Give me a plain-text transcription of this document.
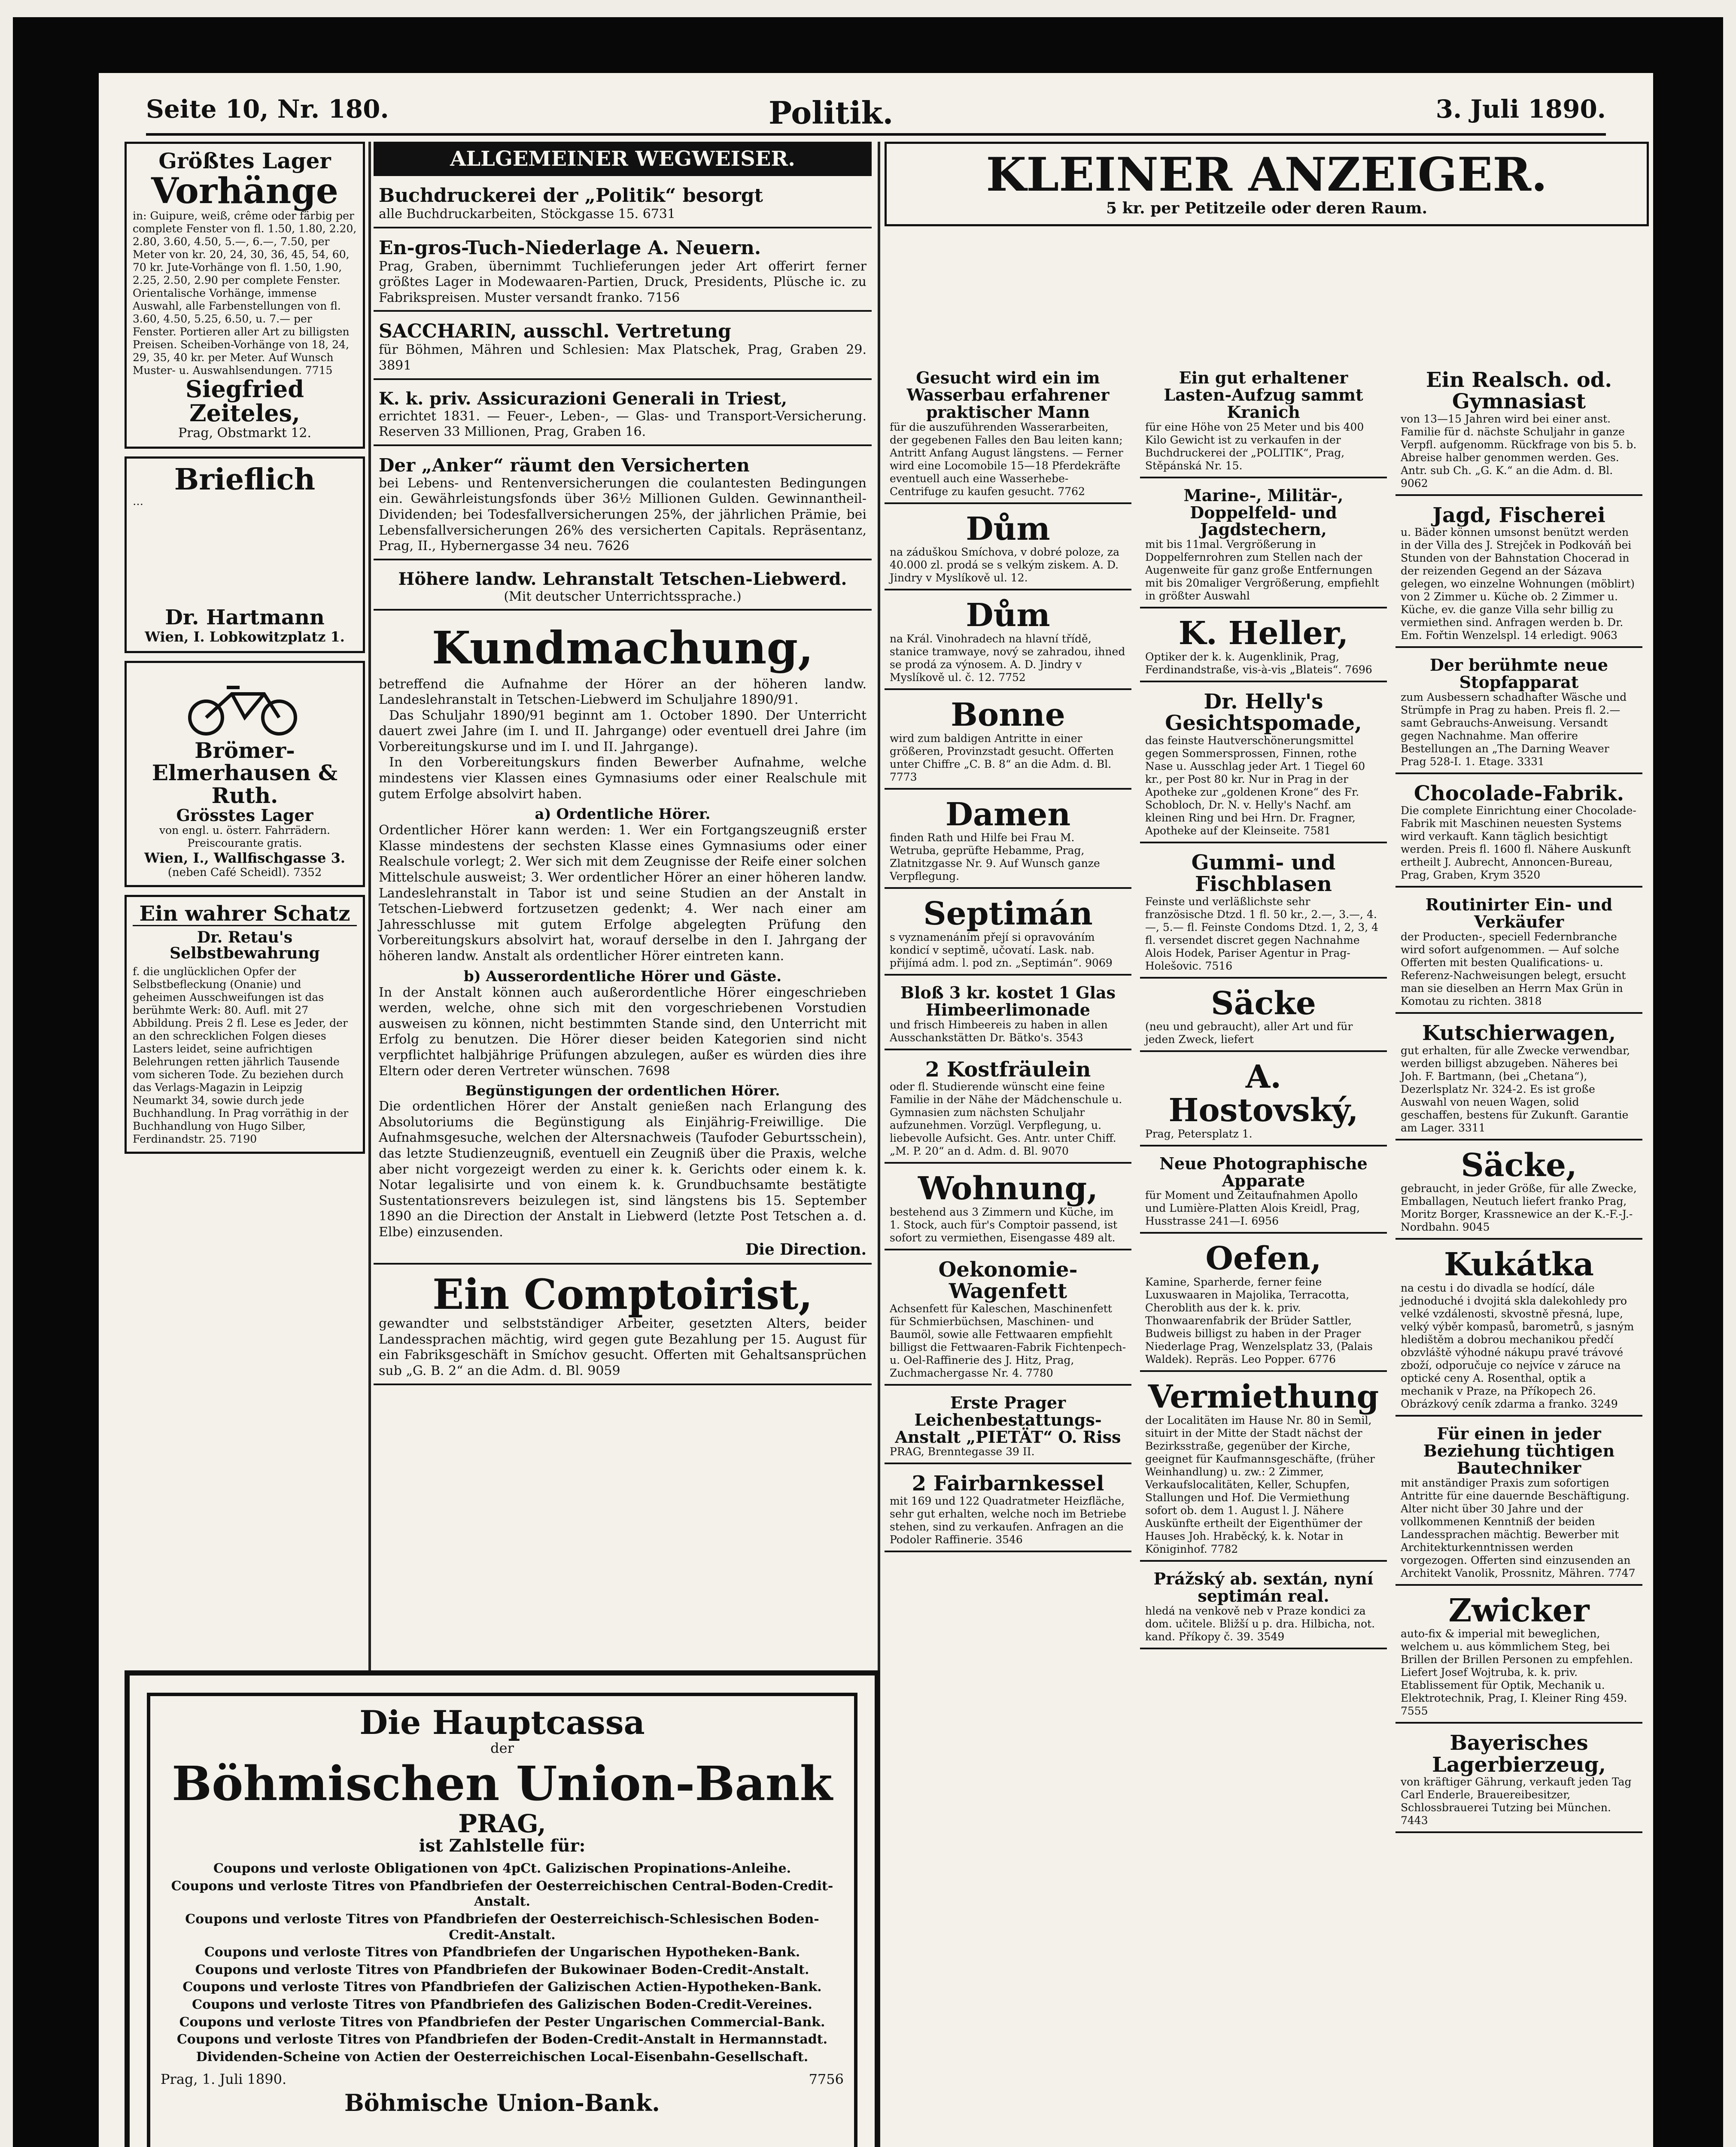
Seite 10, Nr. 180.	Politik.	3. Juli 1890.
Größtes Lager
Vorhänge
in: Guipure, weiß, crême oder färbig per complete Fenster von fl. 1.50, 1.80, 2.20, 2.80, 3.60, 4.50, 5.—, 6.—, 7.50, per Meter von kr. 20, 24, 30, 36, 45, 54, 60, 70 kr. Jute-Vorhänge von fl. 1.50, 1.90, 2.25, 2.50, 2.90 per complete Fenster. Orientalische Vorhänge, immense Auswahl, alle Farbenstellungen von fl. 3.60, 4.50, 5.25, 6.50, u. 7.— per Fenster. Portieren aller Art zu billigsten Preisen. Scheiben-Vorhänge von 18, 24, 29, 35, 40 kr. per Meter. Auf Wunsch Muster- u. Auswahlsendungen. 7715
Siegfried Zeiteles,
Prag, Obstmarkt 12.
Brieflich
…
Dr. Hartmann
Wien, I. Lobkowitzplatz 1.
Brömer-Elmerhausen & Ruth.
Grösstes Lager
von engl. u. österr. Fahrrädern. Preiscourante gratis.
Wien, I., Wallfischgasse 3.
(neben Café Scheidl). 7352
Ein wahrer Schatz
Dr. Retau's Selbstbewahrung
f. die unglücklichen Opfer der Selbstbefleckung (Onanie) und geheimen Ausschweifungen ist das berühmte Werk: 80. Aufl. mit 27 Abbildung. Preis 2 fl. Lese es Jeder, der an den schrecklichen Folgen dieses Lasters leidet, seine aufrichtigen Belehrungen retten jährlich Tausende vom sicheren Tode. Zu beziehen durch das Verlags-Magazin in Leipzig Neumarkt 34, sowie durch jede Buchhandlung. In Prag vorräthig in der Buchhandlung von Hugo Silber, Ferdinandstr. 25. 7190
ALLGEMEINER WEGWEISER.
Buchdruckerei der „Politik“ besorgt
alle Buchdruckarbeiten, Stöckgasse 15. 6731
En-gros-Tuch-Niederlage A. Neuern.
Prag, Graben, übernimmt Tuchlieferungen jeder Art offerirt ferner größtes Lager in Modewaaren-Partien, Druck, Presidents, Plüsche ic. zu Fabrikspreisen. Muster versandt franko. 7156
SACCHARIN, ausschl. Vertretung
für Böhmen, Mähren und Schlesien: Max Platschek, Prag, Graben 29. 3891
K. k. priv. Assicurazioni Generali in Triest,
errichtet 1831. — Feuer-, Leben-, — Glas- und Transport-Versicherung. Reserven 33 Millionen, Prag, Graben 16.
Der „Anker“ räumt den Versicherten
bei Lebens- und Rentenversicherungen die coulantesten Bedingungen ein. Gewährleistungsfonds über 36½ Millionen Gulden. Gewinnantheil-Dividenden; bei Todesfallversicherungen 25%, der jährlichen Prämie, bei Lebensfallversicherungen 26% des versicherten Capitals. Repräsentanz, Prag, II., Hybernergasse 34 neu. 7626
Höhere landw. Lehranstalt Tetschen-Liebwerd.
(Mit deutscher Unterrichtssprache.)
Kundmachung,
betreffend die Aufnahme der Hörer an der höheren landw. Landeslehranstalt in Tetschen-Liebwerd im Schuljahre 1890/91.
Das Schuljahr 1890/91 beginnt am 1. October 1890. Der Unterricht dauert zwei Jahre (im I. und II. Jahrgange) oder eventuell drei Jahre (im Vorbereitungskurse und im I. und II. Jahrgange).
In den Vorbereitungskurs finden Bewerber Aufnahme, welche mindestens vier Klassen eines Gymnasiums oder einer Realschule mit gutem Erfolge absolvirt haben.
a) Ordentliche Hörer.
Ordentlicher Hörer kann werden: 1. Wer ein Fortgangszeugniß erster Klasse mindestens der sechsten Klasse eines Gymnasiums oder einer Realschule vorlegt; 2. Wer sich mit dem Zeugnisse der Reife einer solchen Mittelschule ausweist; 3. Wer ordentlicher Hörer an einer höheren landw. Landeslehranstalt in Tabor ist und seine Studien an der Anstalt in Tetschen-Liebwerd fortzusetzen gedenkt; 4. Wer nach einer am Jahresschlusse mit gutem Erfolge abgelegten Prüfung den Vorbereitungskurs absolvirt hat, worauf derselbe in den I. Jahrgang der höheren landw. Anstalt als ordentlicher Hörer eintreten kann.
b) Ausserordentliche Hörer und Gäste.
In der Anstalt können auch außerordentliche Hörer eingeschrieben werden, welche, ohne sich mit den vorgeschriebenen Vorstudien ausweisen zu können, nicht bestimmten Stande sind, den Unterricht mit Erfolg zu benutzen. Die Hörer dieser beiden Kategorien sind nicht verpflichtet halbjährige Prüfungen abzulegen, außer es würden dies ihre Eltern oder deren Vertreter wünschen. 7698
Begünstigungen der ordentlichen Hörer.
Die ordentlichen Hörer der Anstalt genießen nach Erlangung des Absolutoriums die Begünstigung als Einjährig-Freiwillige. Die Aufnahmsgesuche, welchen der Altersnachweis (Taufoder Geburtsschein), das letzte Studienzeugniß, eventuell ein Zeugniß über die Praxis, welche aber nicht vorgezeigt werden zu einer k. k. Gerichts oder einem k. k. Notar legalisirte und von einem k. k. Grundbuchsamte bestätigte Sustentationsrevers beizulegen ist, sind längstens bis 15. September 1890 an die Direction der Anstalt in Liebwerd (letzte Post Tetschen a. d. Elbe) einzusenden.
Die Direction.
Ein Comptoirist,
gewandter und selbstständiger Arbeiter, gesetzten Alters, beider Landessprachen mächtig, wird gegen gute Bezahlung per 15. August für ein Fabriksgeschäft in Smíchov gesucht. Offerten mit Gehaltsansprüchen sub „G. B. 2“ an die Adm. d. Bl. 9059
KLEINER ANZEIGER.
5 kr. per Petitzeile oder deren Raum.
Gesucht wird ein im Wasserbau erfahrener praktischer Mann
für die auszuführenden Wasserarbeiten, der gegebenen Falles den Bau leiten kann; Antritt Anfang August längstens. — Ferner wird eine Locomobile 15—18 Pferdekräfte eventuell auch eine Wasserhebe-Centrifuge zu kaufen gesucht. 7762
Dům
na záduškou Smíchova, v dobré poloze, za 40.000 zl. prodá se s velkým ziskem. A. D. Jindry v Myslíkově ul. 12.
Dům
na Král. Vinohradech na hlavní třídě, stanice tramwaye, nový se zahradou, ihned se prodá za výnosem. A. D. Jindry v Myslíkově ul. č. 12. 7752
Bonne
wird zum baldigen Antritte in einer größeren, Provinzstadt gesucht. Offerten unter Chiffre „C. B. 8“ an die Adm. d. Bl. 7773
Damen
finden Rath und Hilfe bei Frau M. Wetruba, geprüfte Hebamme, Prag, Zlatnitzgasse Nr. 9. Auf Wunsch ganze Verpflegung.
Septimán
s vyznamenáním přejí si opravováním kondicí v septimě, učovatí. Lask. nab. přijímá adm. l. pod zn. „Septimán“. 9069
Bloß 3 kr. kostet 1 Glas Himbeerlimonade
und frisch Himbeereis zu haben in allen Ausschankstätten Dr. Bätko's. 3543
2 Kostfräulein
oder fl. Studierende wünscht eine feine Familie in der Nähe der Mädchenschule u. Gymnasien zum nächsten Schuljahr aufzunehmen. Vorzügl. Verpflegung, u. liebevolle Aufsicht. Ges. Antr. unter Chiff. „M. P. 20“ an d. Adm. d. Bl. 9070
Wohnung,
bestehend aus 3 Zimmern und Küche, im 1. Stock, auch für's Comptoir passend, ist sofort zu vermiethen, Eisengasse 489 alt.
Oekonomie-Wagenfett
Achsenfett für Kaleschen, Maschinenfett für Schmierbüchsen, Maschinen- und Baumöl, sowie alle Fettwaaren empfiehlt billigst die Fettwaaren-Fabrik Fichtenpech- u. Oel-Raffinerie des J. Hitz, Prag, Zuchmachergasse Nr. 4. 7780
Erste Prager Leichenbestattungs-Anstalt „PIETÄT“ O. Riss
PRAG, Brenntegasse 39 II.
2 Fairbarnkessel
mit 169 und 122 Quadratmeter Heizfläche, sehr gut erhalten, welche noch im Betriebe stehen, sind zu verkaufen. Anfragen an die Podoler Raffinerie. 3546
Ein gut erhaltener Lasten-Aufzug sammt Kranich
für eine Höhe von 25 Meter und bis 400 Kilo Gewicht ist zu verkaufen in der Buchdruckerei der „POLITIK“, Prag, Stěpánská Nr. 15.
Marine-, Militär-, Doppelfeld- und Jagdstechern,
mit bis 11mal. Vergrößerung in Doppelfernrohren zum Stellen nach der Augenweite für ganz große Entfernungen mit bis 20maliger Vergrößerung, empfiehlt in größter Auswahl
K. Heller,
Optiker der k. k. Augenklinik, Prag, Ferdinandstraße, vis-à-vis „Blateis“. 7696
Dr. Helly's Gesichtspomade,
das feinste Hautverschönerungsmittel gegen Sommersprossen, Finnen, rothe Nase u. Ausschlag jeder Art. 1 Tiegel 60 kr., per Post 80 kr. Nur in Prag in der Apotheke zur „goldenen Krone“ des Fr. Schobloch, Dr. N. v. Helly's Nachf. am kleinen Ring und bei Hrn. Dr. Fragner, Apotheke auf der Kleinseite. 7581
Gummi- und Fischblasen
Feinste und verläßlichste sehr französische Dtzd. 1 fl. 50 kr., 2.—, 3.—, 4.—, 5.— fl. Feinste Condoms Dtzd. 1, 2, 3, 4 fl. versendet discret gegen Nachnahme Alois Hodek, Pariser Agentur in Prag-Holešovic. 7516
Säcke
(neu und gebraucht), aller Art und für jeden Zweck, liefert
A. Hostovský,
Prag, Petersplatz 1.
Neue Photographische Apparate
für Moment und Zeitaufnahmen Apollo und Lumière-Platten Alois Kreidl, Prag, Husstrasse 241—I. 6956
Oefen,
Kamine, Sparherde, ferner feine Luxuswaaren in Majolika, Terracotta, Cheroblith aus der k. k. priv. Thonwaarenfabrik der Brüder Sattler, Budweis billigst zu haben in der Prager Niederlage Prag, Wenzelsplatz 33, (Palais Waldek). Repräs. Leo Popper. 6776
Vermiethung
der Localitäten im Hause Nr. 80 in Semil, situirt in der Mitte der Stadt nächst der Bezirksstraße, gegenüber der Kirche, geeignet für Kaufmannsgeschäfte, (früher Weinhandlung) u. zw.: 2 Zimmer, Verkaufslocalitäten, Keller, Schupfen, Stallungen und Hof. Die Vermiethung sofort ob. dem 1. August l. J. Nähere Auskünfte ertheilt der Eigenthümer der Hauses Joh. Hraběcký, k. k. Notar in Königinhof. 7782
Prážský ab. sextán, nyní septimán real.
hledá na venkově neb v Praze kondici za dom. učitele. Bližší u p. dra. Hilbicha, not. kand. Příkopy č. 39. 3549
Ein Realsch. od. Gymnasiast
von 13—15 Jahren wird bei einer anst. Familie für d. nächste Schuljahr in ganze Verpfl. aufgenomm. Rückfrage von bis 5. b. Abreise halber genommen werden. Ges. Antr. sub Ch. „G. K.“ an die Adm. d. Bl. 9062
Jagd, Fischerei
u. Bäder können umsonst benützt werden in der Villa des J. Strejček in Podkováň bei Stunden von der Bahnstation Chocerad in der reizenden Gegend an der Sázava gelegen, wo einzelne Wohnungen (möblirt) von 2 Zimmer u. Küche ob. 2 Zimmer u. Küche, ev. die ganze Villa sehr billig zu vermiethen sind. Anfragen werden b. Dr. Em. Fořtin Wenzelspl. 14 erledigt. 9063
Der berühmte neue Stopfapparat
zum Ausbessern schadhafter Wäsche und Strümpfe in Prag zu haben. Preis fl. 2.— samt Gebrauchs-Anweisung. Versandt gegen Nachnahme. Man offerire Bestellungen an „The Darning Weaver Prag 528-I. 1. Etage. 3331
Chocolade-Fabrik.
Die complete Einrichtung einer Chocolade-Fabrik mit Maschinen neuesten Systems wird verkauft. Kann täglich besichtigt werden. Preis fl. 1600 fl. Nähere Auskunft ertheilt J. Aubrecht, Annoncen-Bureau, Prag, Graben, Krym 3520
Routinirter Ein- und Verkäufer
der Producten-, speciell Federnbranche wird sofort aufgenommen. — Auf solche Offerten mit besten Qualifications- u. Referenz-Nachweisungen belegt, ersucht man sie dieselben an Herrn Max Grün in Komotau zu richten. 3818
Kutschierwagen,
gut erhalten, für alle Zwecke verwendbar, werden billigst abzugeben. Näheres bei Joh. F. Bartmann, (bei „Chetana“), Dezerlsplatz Nr. 324-2. Es ist große Auswahl von neuen Wagen, solid geschaffen, bestens für Zukunft. Garantie am Lager. 3311
Säcke,
gebraucht, in jeder Größe, für alle Zwecke, Emballagen, Neutuch liefert franko Prag, Moritz Borger, Krassnewice an der K.-F.-J.-Nordbahn. 9045
Kukátka
na cestu i do divadla se hodící, dále jednoduché i dvojitá skla dalekohledy pro velké vzdálenosti, skvostně přesná, lupe, velký výběr kompasů, barometrů, s jasným hledištěm a dobrou mechanikou předčí obzvláště výhodné nákupu pravé trávové zboží, odporučuje co nejvíce v záruce na optické ceny A. Rosenthal, optik a mechanik v Praze, na Příkopech 26. Obrázkový ceník zdarma a franko. 3249
Für einen in jeder Beziehung tüchtigen Bautechniker
mit anständiger Praxis zum sofortigen Antritte für eine dauernde Beschäftigung. Alter nicht über 30 Jahre und der vollkommenen Kenntniß der beiden Landessprachen mächtig. Bewerber mit Architekturkenntnissen werden vorgezogen. Offerten sind einzusenden an Architekt Vanolik, Prossnitz, Mähren. 7747
Zwicker
auto-fix & imperial mit beweglichen, welchem u. aus kömmlichem Steg, bei Brillen der Brillen Personen zu empfehlen. Liefert Josef Wojtruba, k. k. priv. Etablissement für Optik, Mechanik u. Elektrotechnik, Prag, I. Kleiner Ring 459. 7555
Bayerisches Lagerbierzeug,
von kräftiger Gährung, verkauft jeden Tag Carl Enderle, Brauereibesitzer, Schlossbrauerei Tutzing bei München. 7443
Die Hauptcassa
der
Böhmischen Union-Bank
PRAG,
ist Zahlstelle für:
Coupons und verloste Obligationen von 4pCt. Galizischen Propinations-Anleihe.
Coupons und verloste Titres von Pfandbriefen der Oesterreichischen Central-Boden-Credit-Anstalt.
Coupons und verloste Titres von Pfandbriefen der Oesterreichisch-Schlesischen Boden-Credit-Anstalt.
Coupons und verloste Titres von Pfandbriefen der Ungarischen Hypotheken-Bank.
Coupons und verloste Titres von Pfandbriefen der Bukowinaer Boden-Credit-Anstalt.
Coupons und verloste Titres von Pfandbriefen der Galizischen Actien-Hypotheken-Bank.
Coupons und verloste Titres von Pfandbriefen des Galizischen Boden-Credit-Vereines.
Coupons und verloste Titres von Pfandbriefen der Pester Ungarischen Commercial-Bank.
Coupons und verloste Titres von Pfandbriefen der Boden-Credit-Anstalt in Hermannstadt.
Dividenden-Scheine von Actien der Oesterreichischen Local-Eisenbahn-Gesellschaft.
Prag, 1. Juli 1890.	7756
Böhmische Union-Bank.
